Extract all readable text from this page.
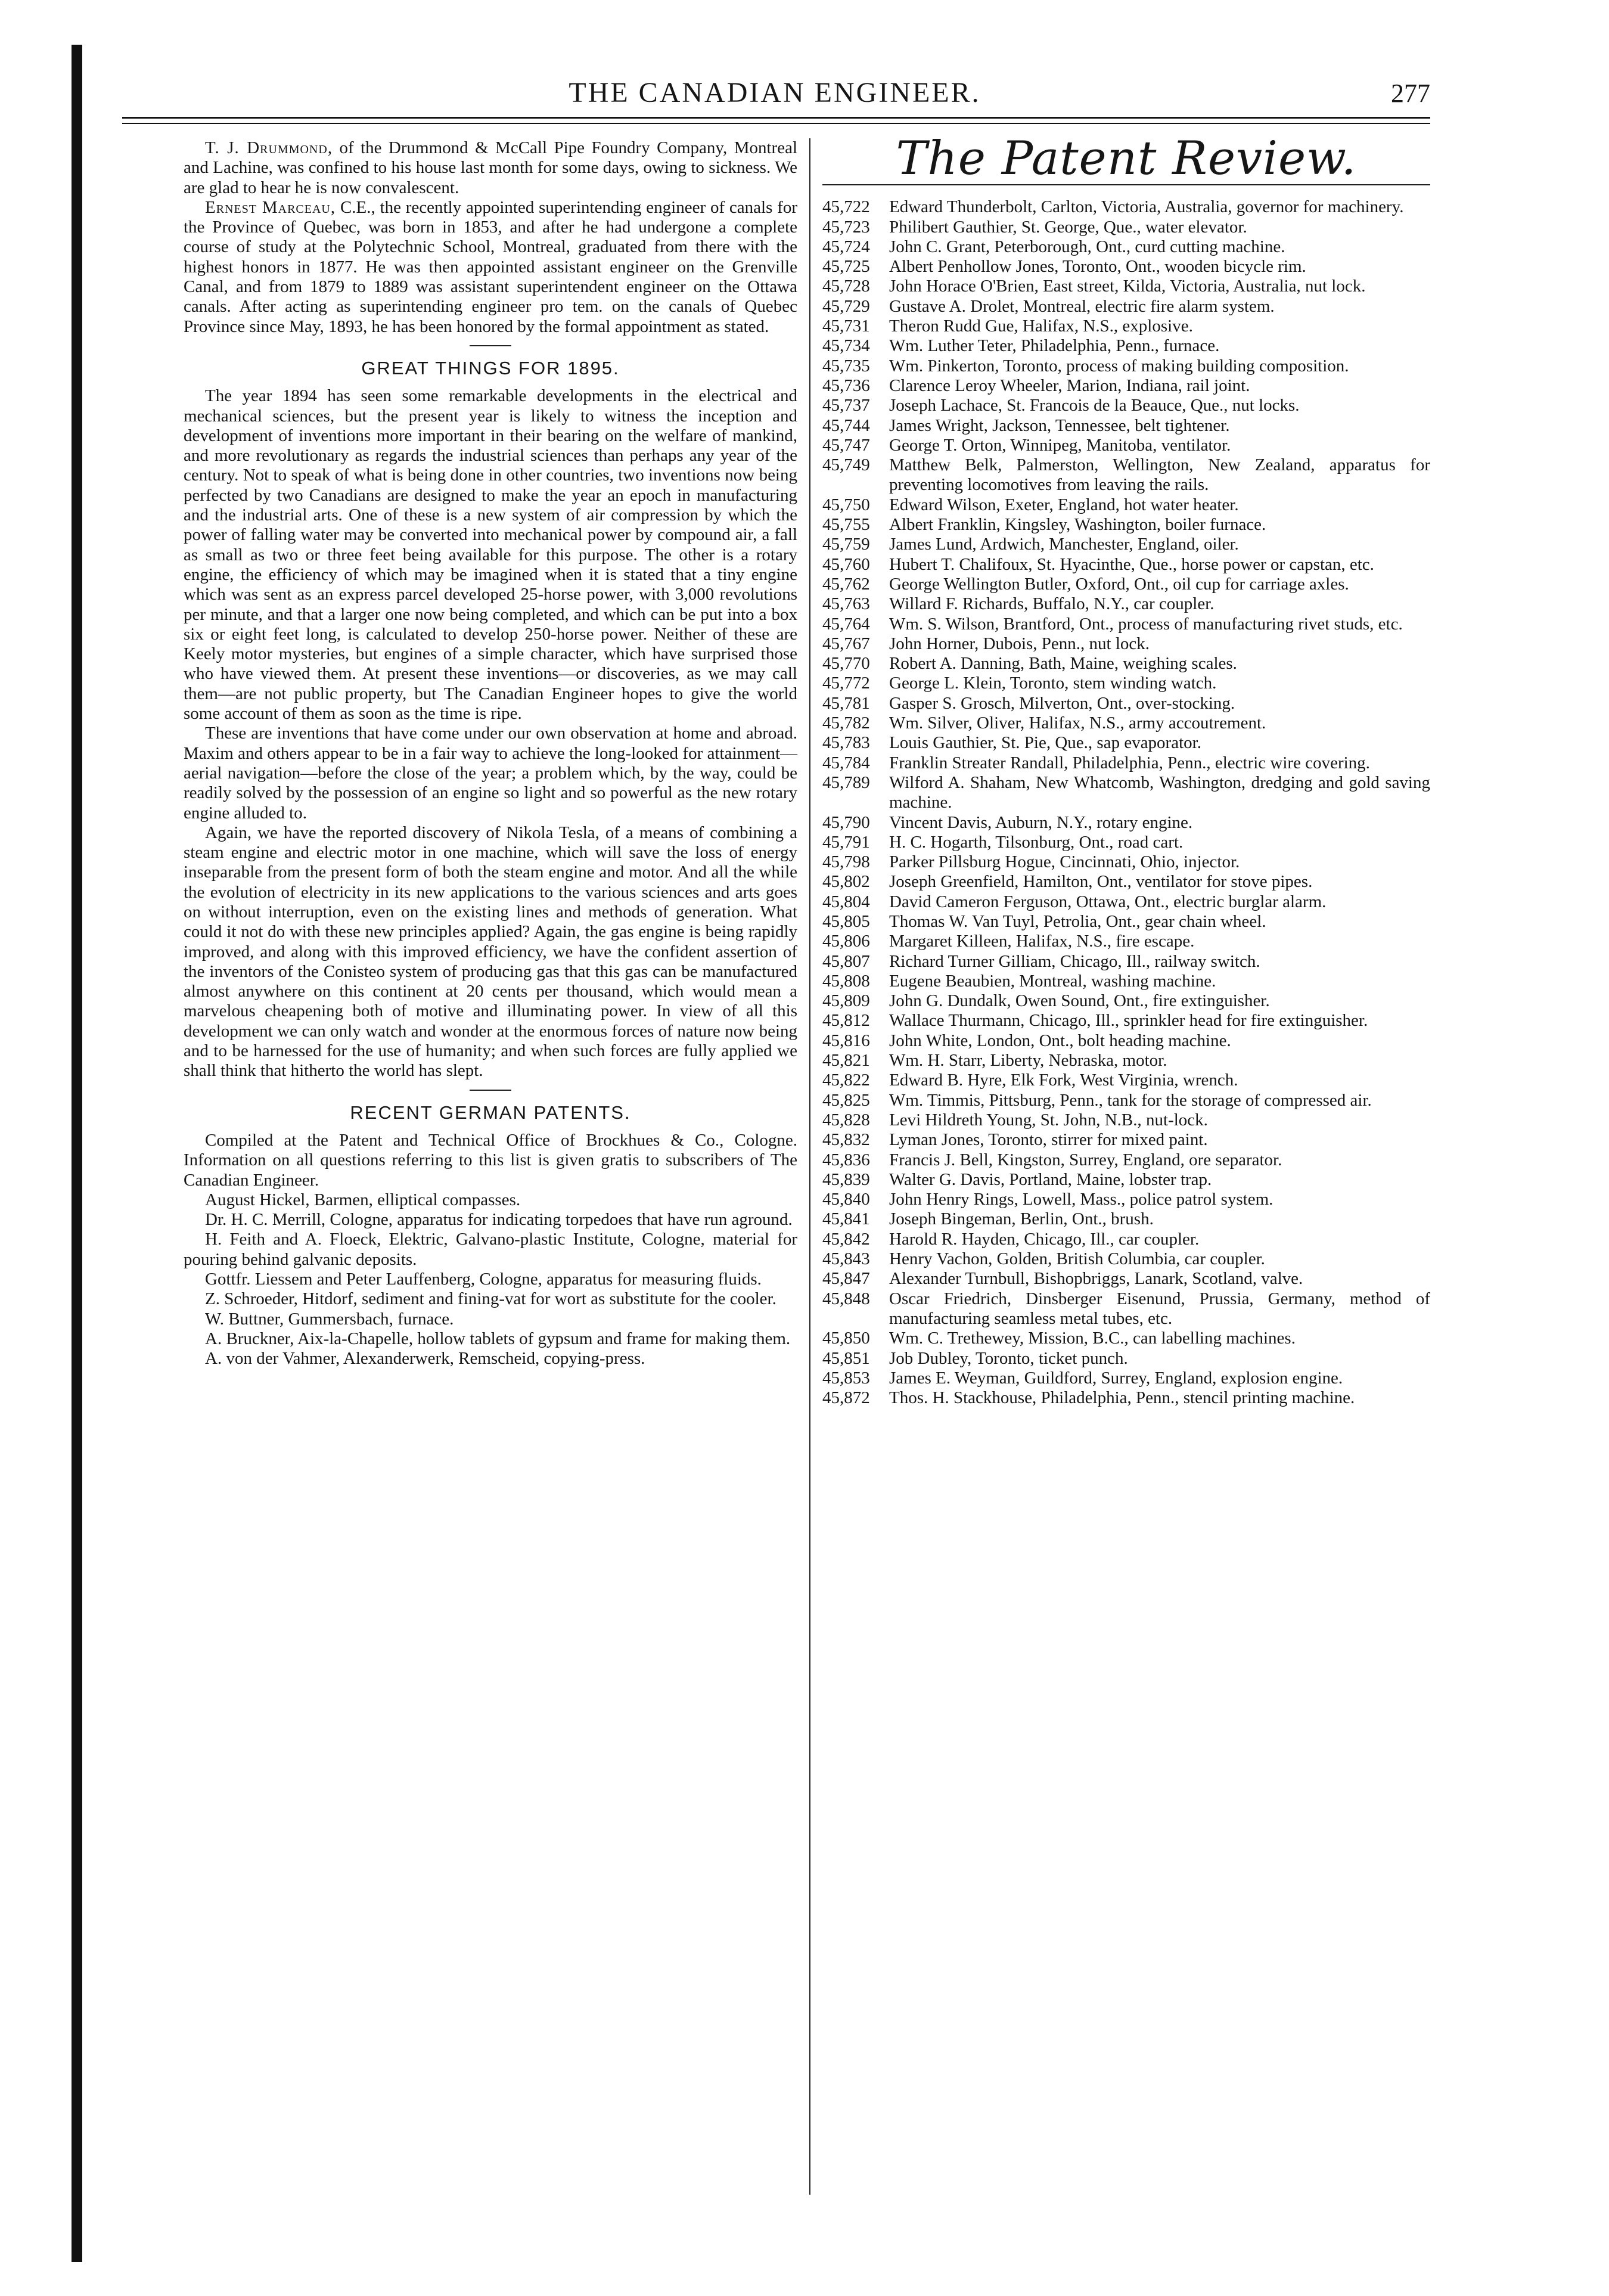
THE CANADIAN ENGINEER.	277

T. J. Drummond, of the Drummond & McCall Pipe Foundry Company, Montreal and Lachine, was confined to his house last month for some days, owing to sickness. We are glad to hear he is now convalescent.

Ernest Marceau, C.E., the recently appointed superintending engineer of canals for the Province of Quebec, was born in 1853, and after he had undergone a complete course of study at the Polytechnic School, Montreal, graduated from there with the highest honors in 1877. He was then appointed assistant engineer on the Grenville Canal, and from 1879 to 1889 was assistant superintendent engineer on the Ottawa canals. After acting as superintending engineer pro tem. on the canals of Quebec Province since May, 1893, he has been honored by the formal appointment as stated.

GREAT THINGS FOR 1895.

The year 1894 has seen some remarkable developments in the electrical and mechanical sciences, but the present year is likely to witness the inception and development of inventions more important in their bearing on the welfare of mankind, and more revolutionary as regards the industrial sciences than perhaps any year of the century. Not to speak of what is being done in other countries, two inventions now being perfected by two Canadians are designed to make the year an epoch in manufacturing and the industrial arts. One of these is a new system of air compression by which the power of falling water may be converted into mechanical power by compound air, a fall as small as two or three feet being available for this purpose. The other is a rotary engine, the efficiency of which may be imagined when it is stated that a tiny engine which was sent as an express parcel developed 25-horse power, with 3,000 revolutions per minute, and that a larger one now being completed, and which can be put into a box six or eight feet long, is calculated to develop 250-horse power. Neither of these are Keely motor mysteries, but engines of a simple character, which have surprised those who have viewed them. At present these inventions—or discoveries, as we may call them—are not public property, but The Canadian Engineer hopes to give the world some account of them as soon as the time is ripe.

These are inventions that have come under our own observation at home and abroad. Maxim and others appear to be in a fair way to achieve the long-looked for attainment—aerial navigation—before the close of the year; a problem which, by the way, could be readily solved by the possession of an engine so light and so powerful as the new rotary engine alluded to.

Again, we have the reported discovery of Nikola Tesla, of a means of combining a steam engine and electric motor in one machine, which will save the loss of energy inseparable from the present form of both the steam engine and motor. And all the while the evolution of electricity in its new applications to the various sciences and arts goes on without interruption, even on the existing lines and methods of generation. What could it not do with these new principles applied? Again, the gas engine is being rapidly improved, and along with this improved efficiency, we have the confident assertion of the inventors of the Conisteo system of producing gas that this gas can be manufactured almost anywhere on this continent at 20 cents per thousand, which would mean a marvelous cheapening both of motive and illuminating power. In view of all this development we can only watch and wonder at the enormous forces of nature now being and to be harnessed for the use of humanity; and when such forces are fully applied we shall think that hitherto the world has slept.

RECENT GERMAN PATENTS.

Compiled at the Patent and Technical Office of Brockhues & Co., Cologne. Information on all questions referring to this list is given gratis to subscribers of The Canadian Engineer.

August Hickel, Barmen, elliptical compasses.

Dr. H. C. Merrill, Cologne, apparatus for indicating torpedoes that have run aground.

H. Feith and A. Floeck, Elektric, Galvano-plastic Institute, Cologne, material for pouring behind galvanic deposits.

Gottfr. Liessem and Peter Lauffenberg, Cologne, apparatus for measuring fluids.

Z. Schroeder, Hitdorf, sediment and fining-vat for wort as substitute for the cooler.

W. Buttner, Gummersbach, furnace.

A. Bruckner, Aix-la-Chapelle, hollow tablets of gypsum and frame for making them.

A. von der Vahmer, Alexanderwerk, Remscheid, copying-press.

The Patent Review.
45,722	Edward Thunderbolt, Carlton, Victoria, Australia, governor for machinery.
45,723	Philibert Gauthier, St. George, Que., water elevator.
45,724	John C. Grant, Peterborough, Ont., curd cutting machine.
45,725	Albert Penhollow Jones, Toronto, Ont., wooden bicycle rim.
45,728	John Horace O'Brien, East street, Kilda, Victoria, Australia, nut lock.
45,729	Gustave A. Drolet, Montreal, electric fire alarm system.
45,731	Theron Rudd Gue, Halifax, N.S., explosive.
45,734	Wm. Luther Teter, Philadelphia, Penn., furnace.
45,735	Wm. Pinkerton, Toronto, process of making building composition.
45,736	Clarence Leroy Wheeler, Marion, Indiana, rail joint.
45,737	Joseph Lachace, St. Francois de la Beauce, Que., nut locks.
45,744	James Wright, Jackson, Tennessee, belt tightener.
45,747	George T. Orton, Winnipeg, Manitoba, ventilator.
45,749	Matthew Belk, Palmerston, Wellington, New Zealand, apparatus for preventing locomotives from leaving the rails.
45,750	Edward Wilson, Exeter, England, hot water heater.
45,755	Albert Franklin, Kingsley, Washington, boiler furnace.
45,759	James Lund, Ardwich, Manchester, England, oiler.
45,760	Hubert T. Chalifoux, St. Hyacinthe, Que., horse power or capstan, etc.
45,762	George Wellington Butler, Oxford, Ont., oil cup for carriage axles.
45,763	Willard F. Richards, Buffalo, N.Y., car coupler.
45,764	Wm. S. Wilson, Brantford, Ont., process of manufacturing rivet studs, etc.
45,767	John Horner, Dubois, Penn., nut lock.
45,770	Robert A. Danning, Bath, Maine, weighing scales.
45,772	George L. Klein, Toronto, stem winding watch.
45,781	Gasper S. Grosch, Milverton, Ont., over-stocking.
45,782	Wm. Silver, Oliver, Halifax, N.S., army accoutrement.
45,783	Louis Gauthier, St. Pie, Que., sap evaporator.
45,784	Franklin Streater Randall, Philadelphia, Penn., electric wire covering.
45,789	Wilford A. Shaham, New Whatcomb, Washington, dredging and gold saving machine.
45,790	Vincent Davis, Auburn, N.Y., rotary engine.
45,791	H. C. Hogarth, Tilsonburg, Ont., road cart.
45,798	Parker Pillsburg Hogue, Cincinnati, Ohio, injector.
45,802	Joseph Greenfield, Hamilton, Ont., ventilator for stove pipes.
45,804	David Cameron Ferguson, Ottawa, Ont., electric burglar alarm.
45,805	Thomas W. Van Tuyl, Petrolia, Ont., gear chain wheel.
45,806	Margaret Killeen, Halifax, N.S., fire escape.
45,807	Richard Turner Gilliam, Chicago, Ill., railway switch.
45,808	Eugene Beaubien, Montreal, washing machine.
45,809	John G. Dundalk, Owen Sound, Ont., fire extinguisher.
45,812	Wallace Thurmann, Chicago, Ill., sprinkler head for fire extinguisher.
45,816	John White, London, Ont., bolt heading machine.
45,821	Wm. H. Starr, Liberty, Nebraska, motor.
45,822	Edward B. Hyre, Elk Fork, West Virginia, wrench.
45,825	Wm. Timmis, Pittsburg, Penn., tank for the storage of compressed air.
45,828	Levi Hildreth Young, St. John, N.B., nut-lock.
45,832	Lyman Jones, Toronto, stirrer for mixed paint.
45,836	Francis J. Bell, Kingston, Surrey, England, ore separator.
45,839	Walter G. Davis, Portland, Maine, lobster trap.
45,840	John Henry Rings, Lowell, Mass., police patrol system.
45,841	Joseph Bingeman, Berlin, Ont., brush.
45,842	Harold R. Hayden, Chicago, Ill., car coupler.
45,843	Henry Vachon, Golden, British Columbia, car coupler.
45,847	Alexander Turnbull, Bishopbriggs, Lanark, Scotland, valve.
45,848	Oscar Friedrich, Dinsberger Eisenund, Prussia, Germany, method of manufacturing seamless metal tubes, etc.
45,850	Wm. C. Trethewey, Mission, B.C., can labelling machines.
45,851	Job Dubley, Toronto, ticket punch.
45,853	James E. Weyman, Guildford, Surrey, England, explosion engine.
45,872	Thos. H. Stackhouse, Philadelphia, Penn., stencil printing machine.
